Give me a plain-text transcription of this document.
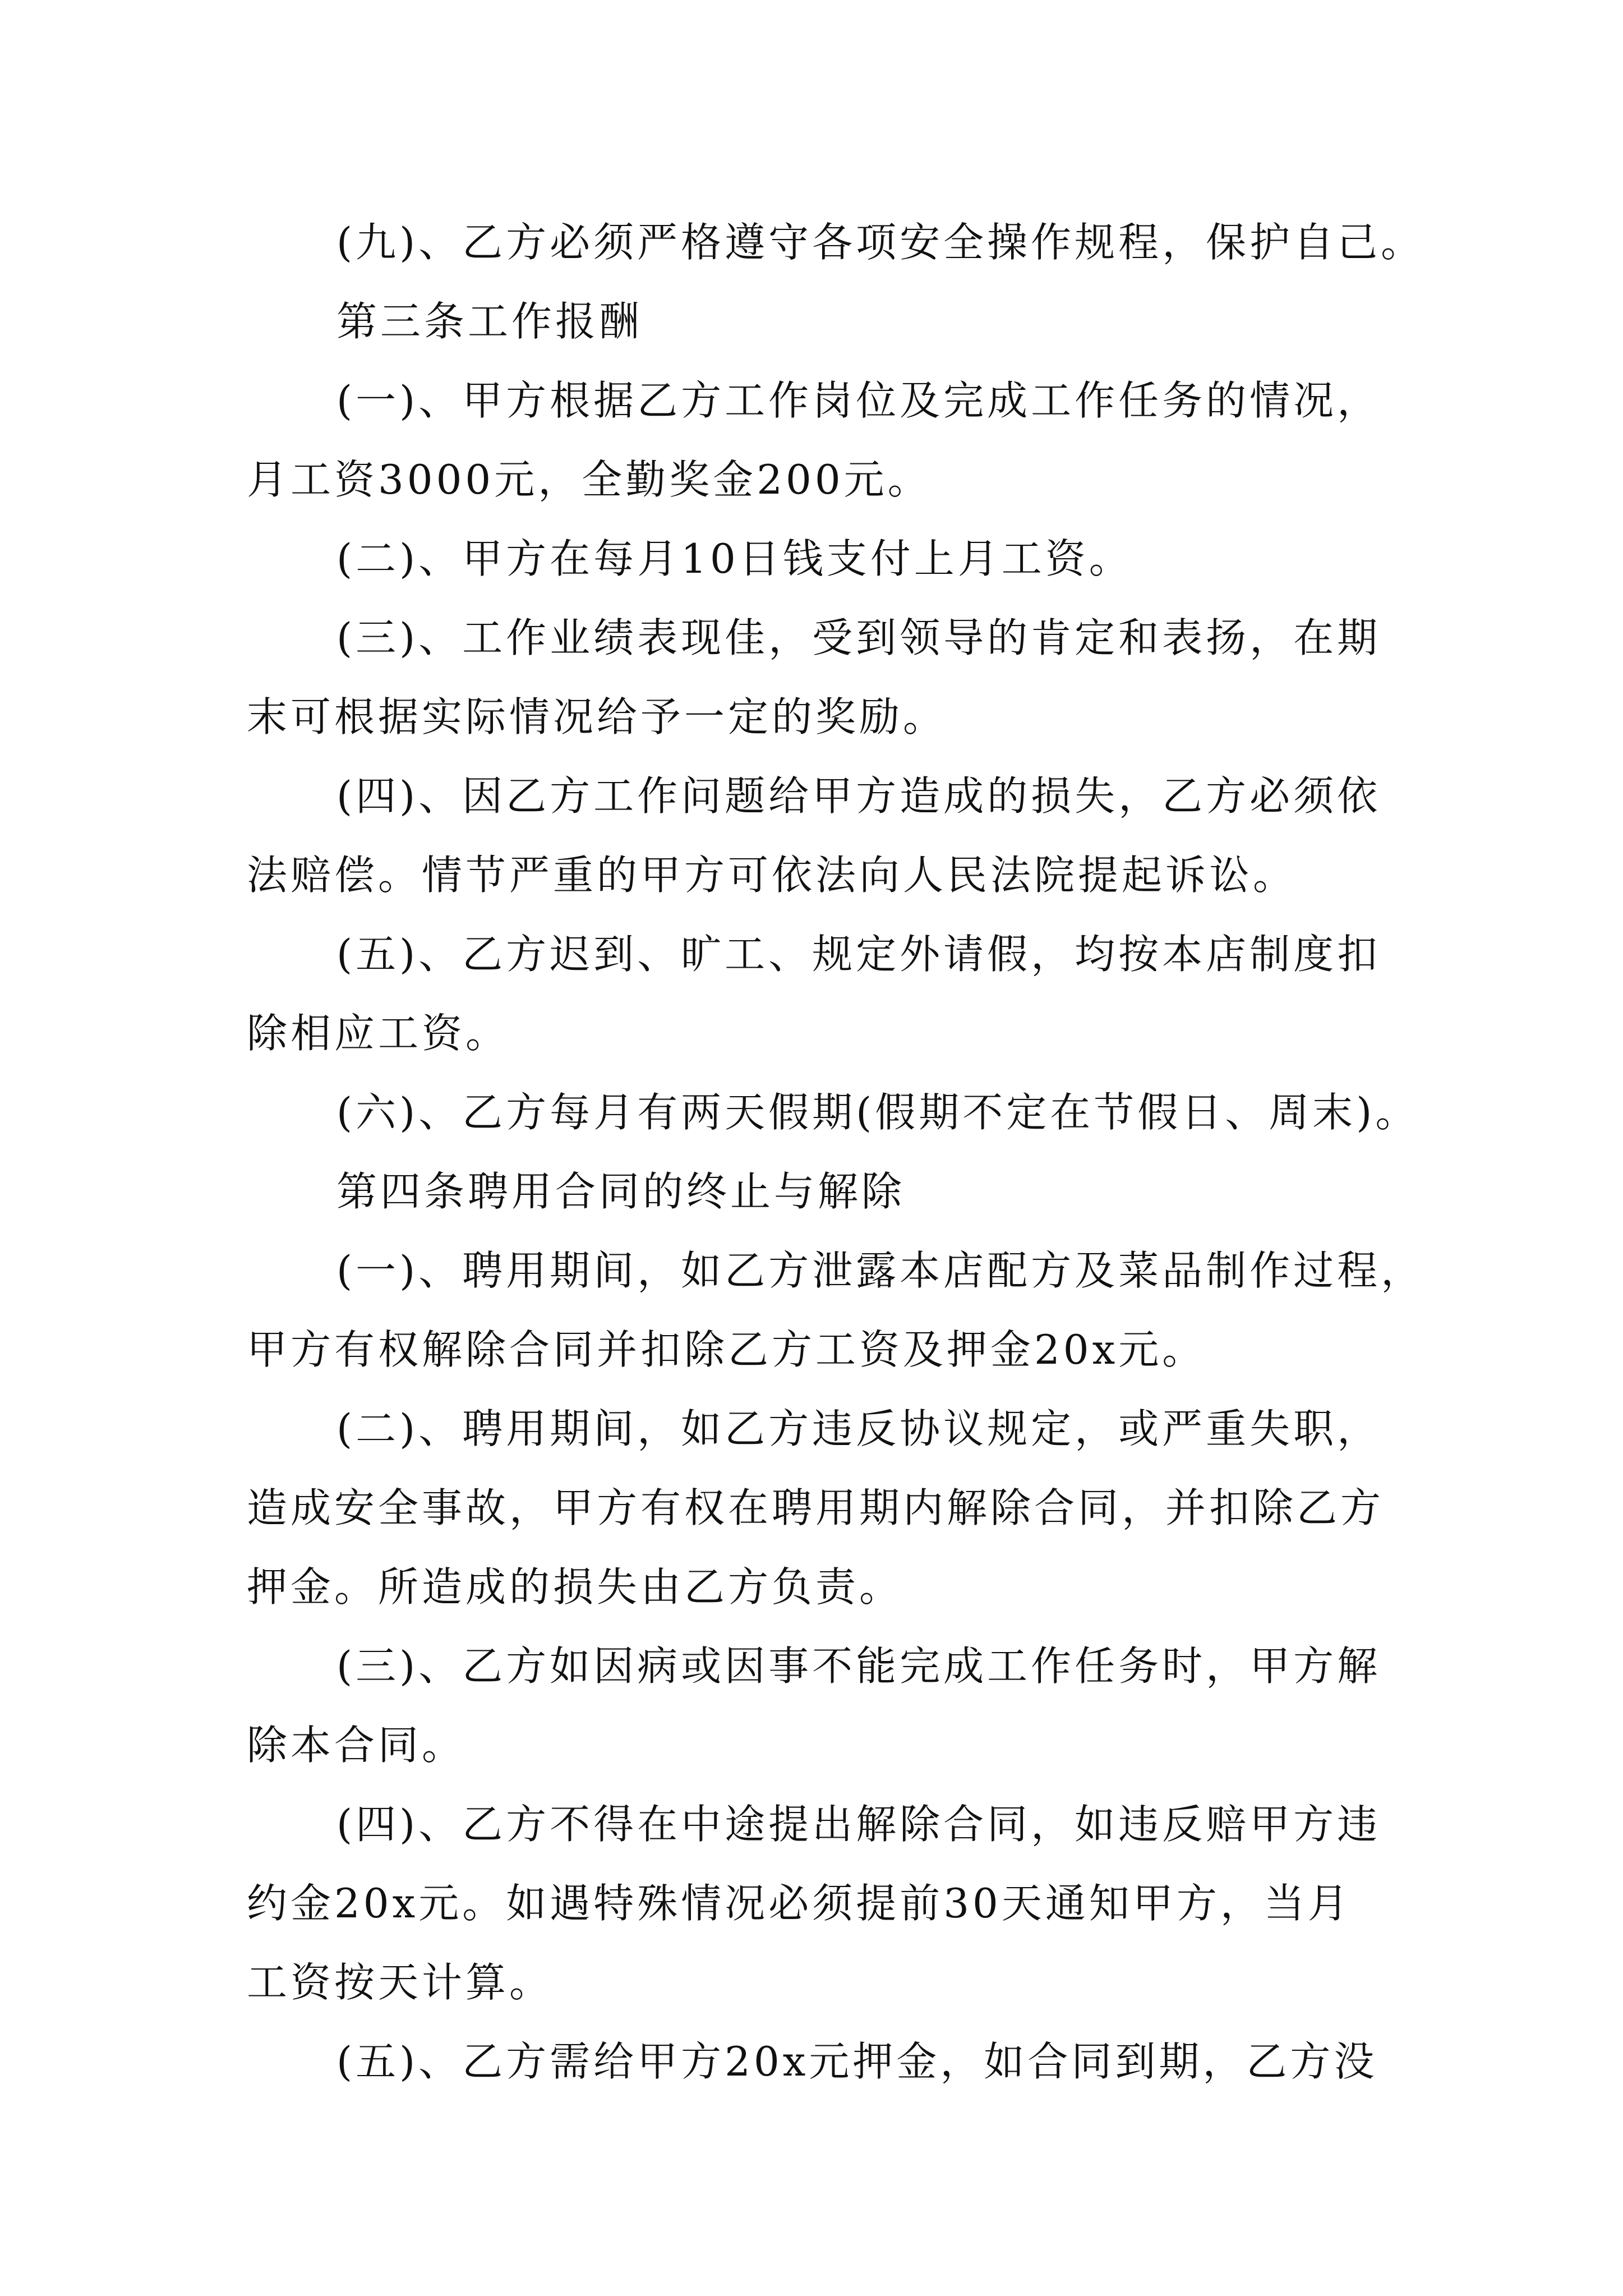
(九)、乙方必须严格遵守各项安全操作规程，保护自己。
第三条工作报酬
(一)、甲方根据乙方工作岗位及完成工作任务的情况，
月工资3000元，全勤奖金200元。
(二)、甲方在每月10日钱支付上月工资。
(三)、工作业绩表现佳，受到领导的肯定和表扬，在期
末可根据实际情况给予一定的奖励。
(四)、因乙方工作问题给甲方造成的损失，乙方必须依
法赔偿。情节严重的甲方可依法向人民法院提起诉讼。
(五)、乙方迟到、旷工、规定外请假，均按本店制度扣
除相应工资。
(六)、乙方每月有两天假期(假期不定在节假日、周末)。
第四条聘用合同的终止与解除
(一)、聘用期间，如乙方泄露本店配方及菜品制作过程，
甲方有权解除合同并扣除乙方工资及押金20x元。
(二)、聘用期间，如乙方违反协议规定，或严重失职，
造成安全事故，甲方有权在聘用期内解除合同，并扣除乙方
押金。所造成的损失由乙方负责。
(三)、乙方如因病或因事不能完成工作任务时，甲方解
除本合同。
(四)、乙方不得在中途提出解除合同，如违反赔甲方违
约金20x元。如遇特殊情况必须提前30天通知甲方，当月
工资按天计算。
(五)、乙方需给甲方20x元押金，如合同到期，乙方没
